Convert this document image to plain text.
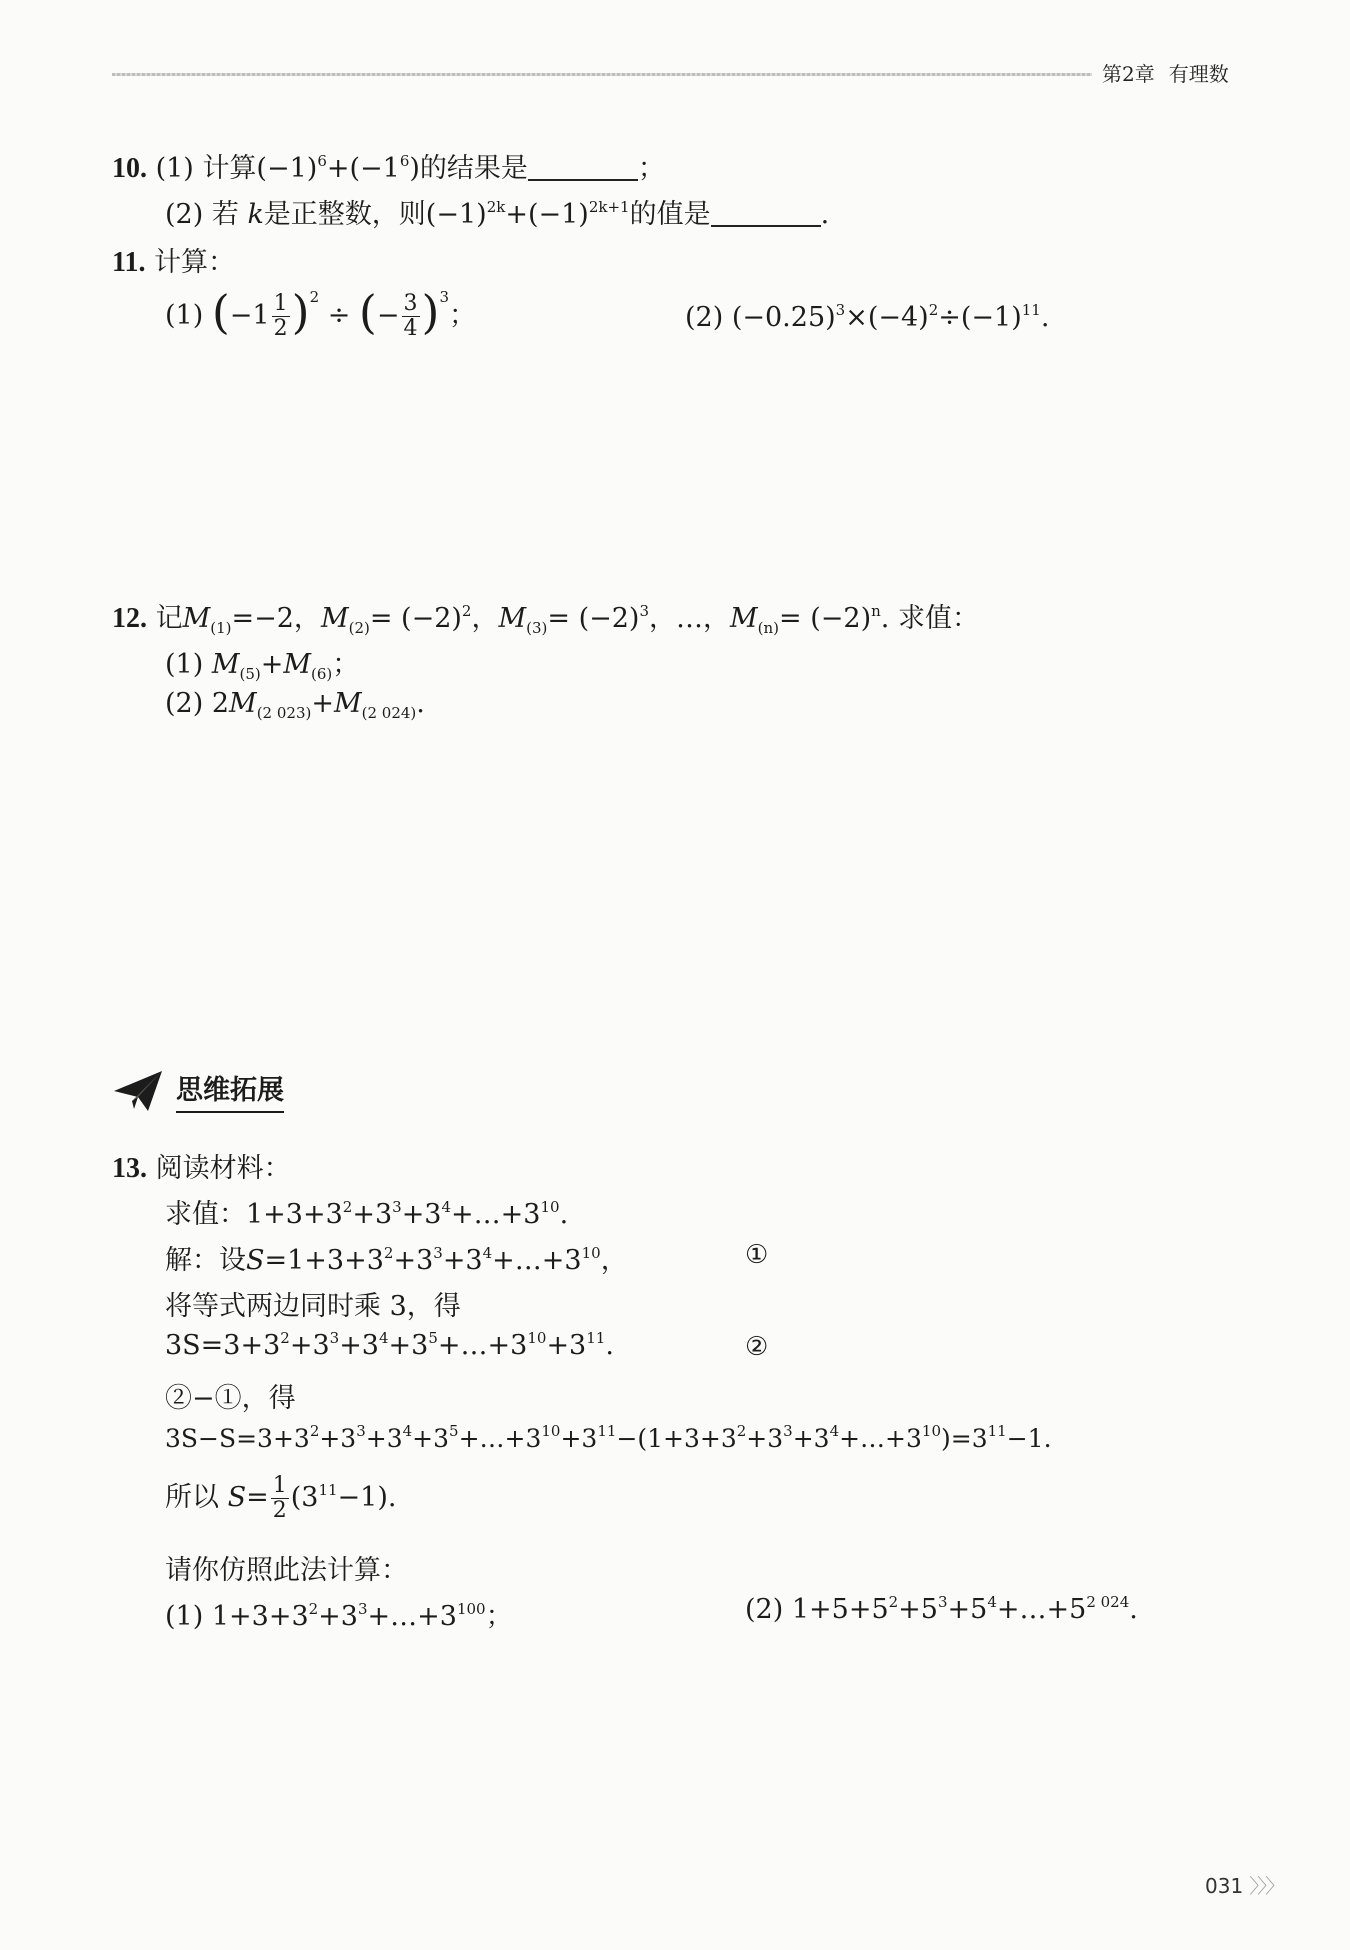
第2章 有理数
10. (1) 计算$(-1)^6+(-1^6)$的结果是	；
(2) 若 k是正整数，则$(-1)^{2k}+(-1)^{2k+1}$的值是	.
11. 计算：
(1) $(-1 \frac{1}{2} )^2$ ÷ (− $\frac{3}{4} )^3$；	(2) $(-0.25)^3\times(-4)^2\div(-1)^{11}$.
12. 记$M_{(1)}=-2$，$M_{(2)}= (-2)^2$，$M_{(3)}= (-2)^3$，…，$M_{(n)}= (-2)^n$. 求值：
(1) $M_{(5)}+M_{(6)}$；
(2) $2M_{(2 023)}+M_{(2 024)}$.
思维拓展
13. 阅读材料：
求值：$1+3+3^2+3^3+3^4+\dots+3^{10}$.
解：设$S=1+3+3^2+3^3+3^4+\dots+3^{10}$，	①
将等式两边同时乘 3，得
$3S=3+3^2+3^3+3^4+3^5+\dots+3^{10}+3^{11}$.	②
②−①，得
$3S-S=3+3^2+3^3+3^4+3^5+\dots+3^{10}+3^{11}-(1+3+3^2+3^3+3^4+\dots+3^{10})=3^{11}-1$.
所以 $S= \frac{1}{2} (3^{11}-1)$.
请你仿照此法计算：
(1) $1+3+3^2+3^3+\dots+3^{100}$；	(2) $1+5+5^2+5^3+5^4+\dots+5^{2 024}$.
031 〉〉〉
